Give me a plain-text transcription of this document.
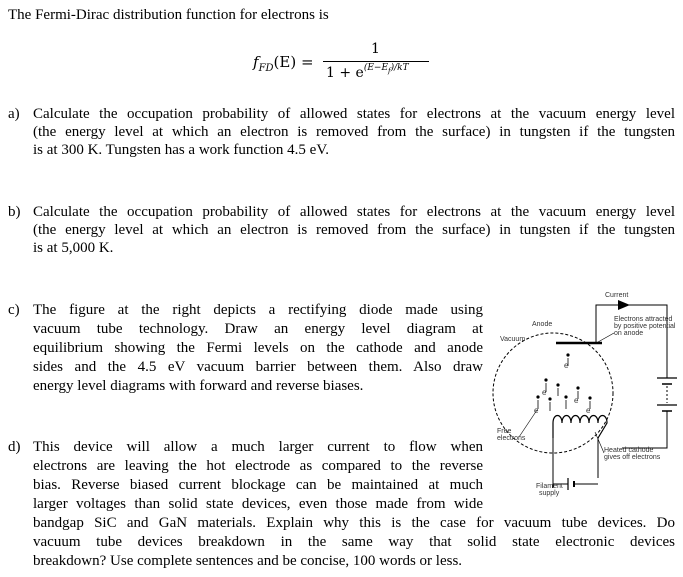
The Fermi-Dirac distribution function for electrons is
$f_{FD}(E)$ =
1
$1 + e^{(E-E_f)/kT}$
a) Calculate the occupation probability of allowed states for electrons at the vacuum energy level
(the energy level at which an electron is removed from the surface) in tungsten if the tungsten
is at 300 K. Tungsten has a work function 4.5 eV.
b) Calculate the occupation probability of allowed states for electrons at the vacuum energy level
(the energy level at which an electron is removed from the surface) in tungsten if the tungsten
is at 5,000 K.
c) The figure at the right depicts a rectifying diode made using
vacuum tube technology. Draw an energy level diagram at
equilibrium showing the Fermi levels on the cathode and anode
sides and the 4.5 eV vacuum barrier between them. Also draw
energy level diagrams with forward and reverse biases.
d) This device will allow a much larger current to flow when
electrons are leaving the hot electrode as compared to the reverse
bias. Reverse biased current blockage can be maintained at much
larger voltages than solid state devices, even those made from wide
bandgap SiC and GaN materials. Explain why this is the case for vacuum tube devices. Do
vacuum tube devices breakdown in the same way that solid state electronic devices
breakdown? Use complete sentences and be concise, 100 words or less.
e
e
e
e	e
Current
Anode
Vacuum
Electrons attracted
by positive potential
on anode
Free
electrons
Heated cathode
gives off electrons
Filament
supply
